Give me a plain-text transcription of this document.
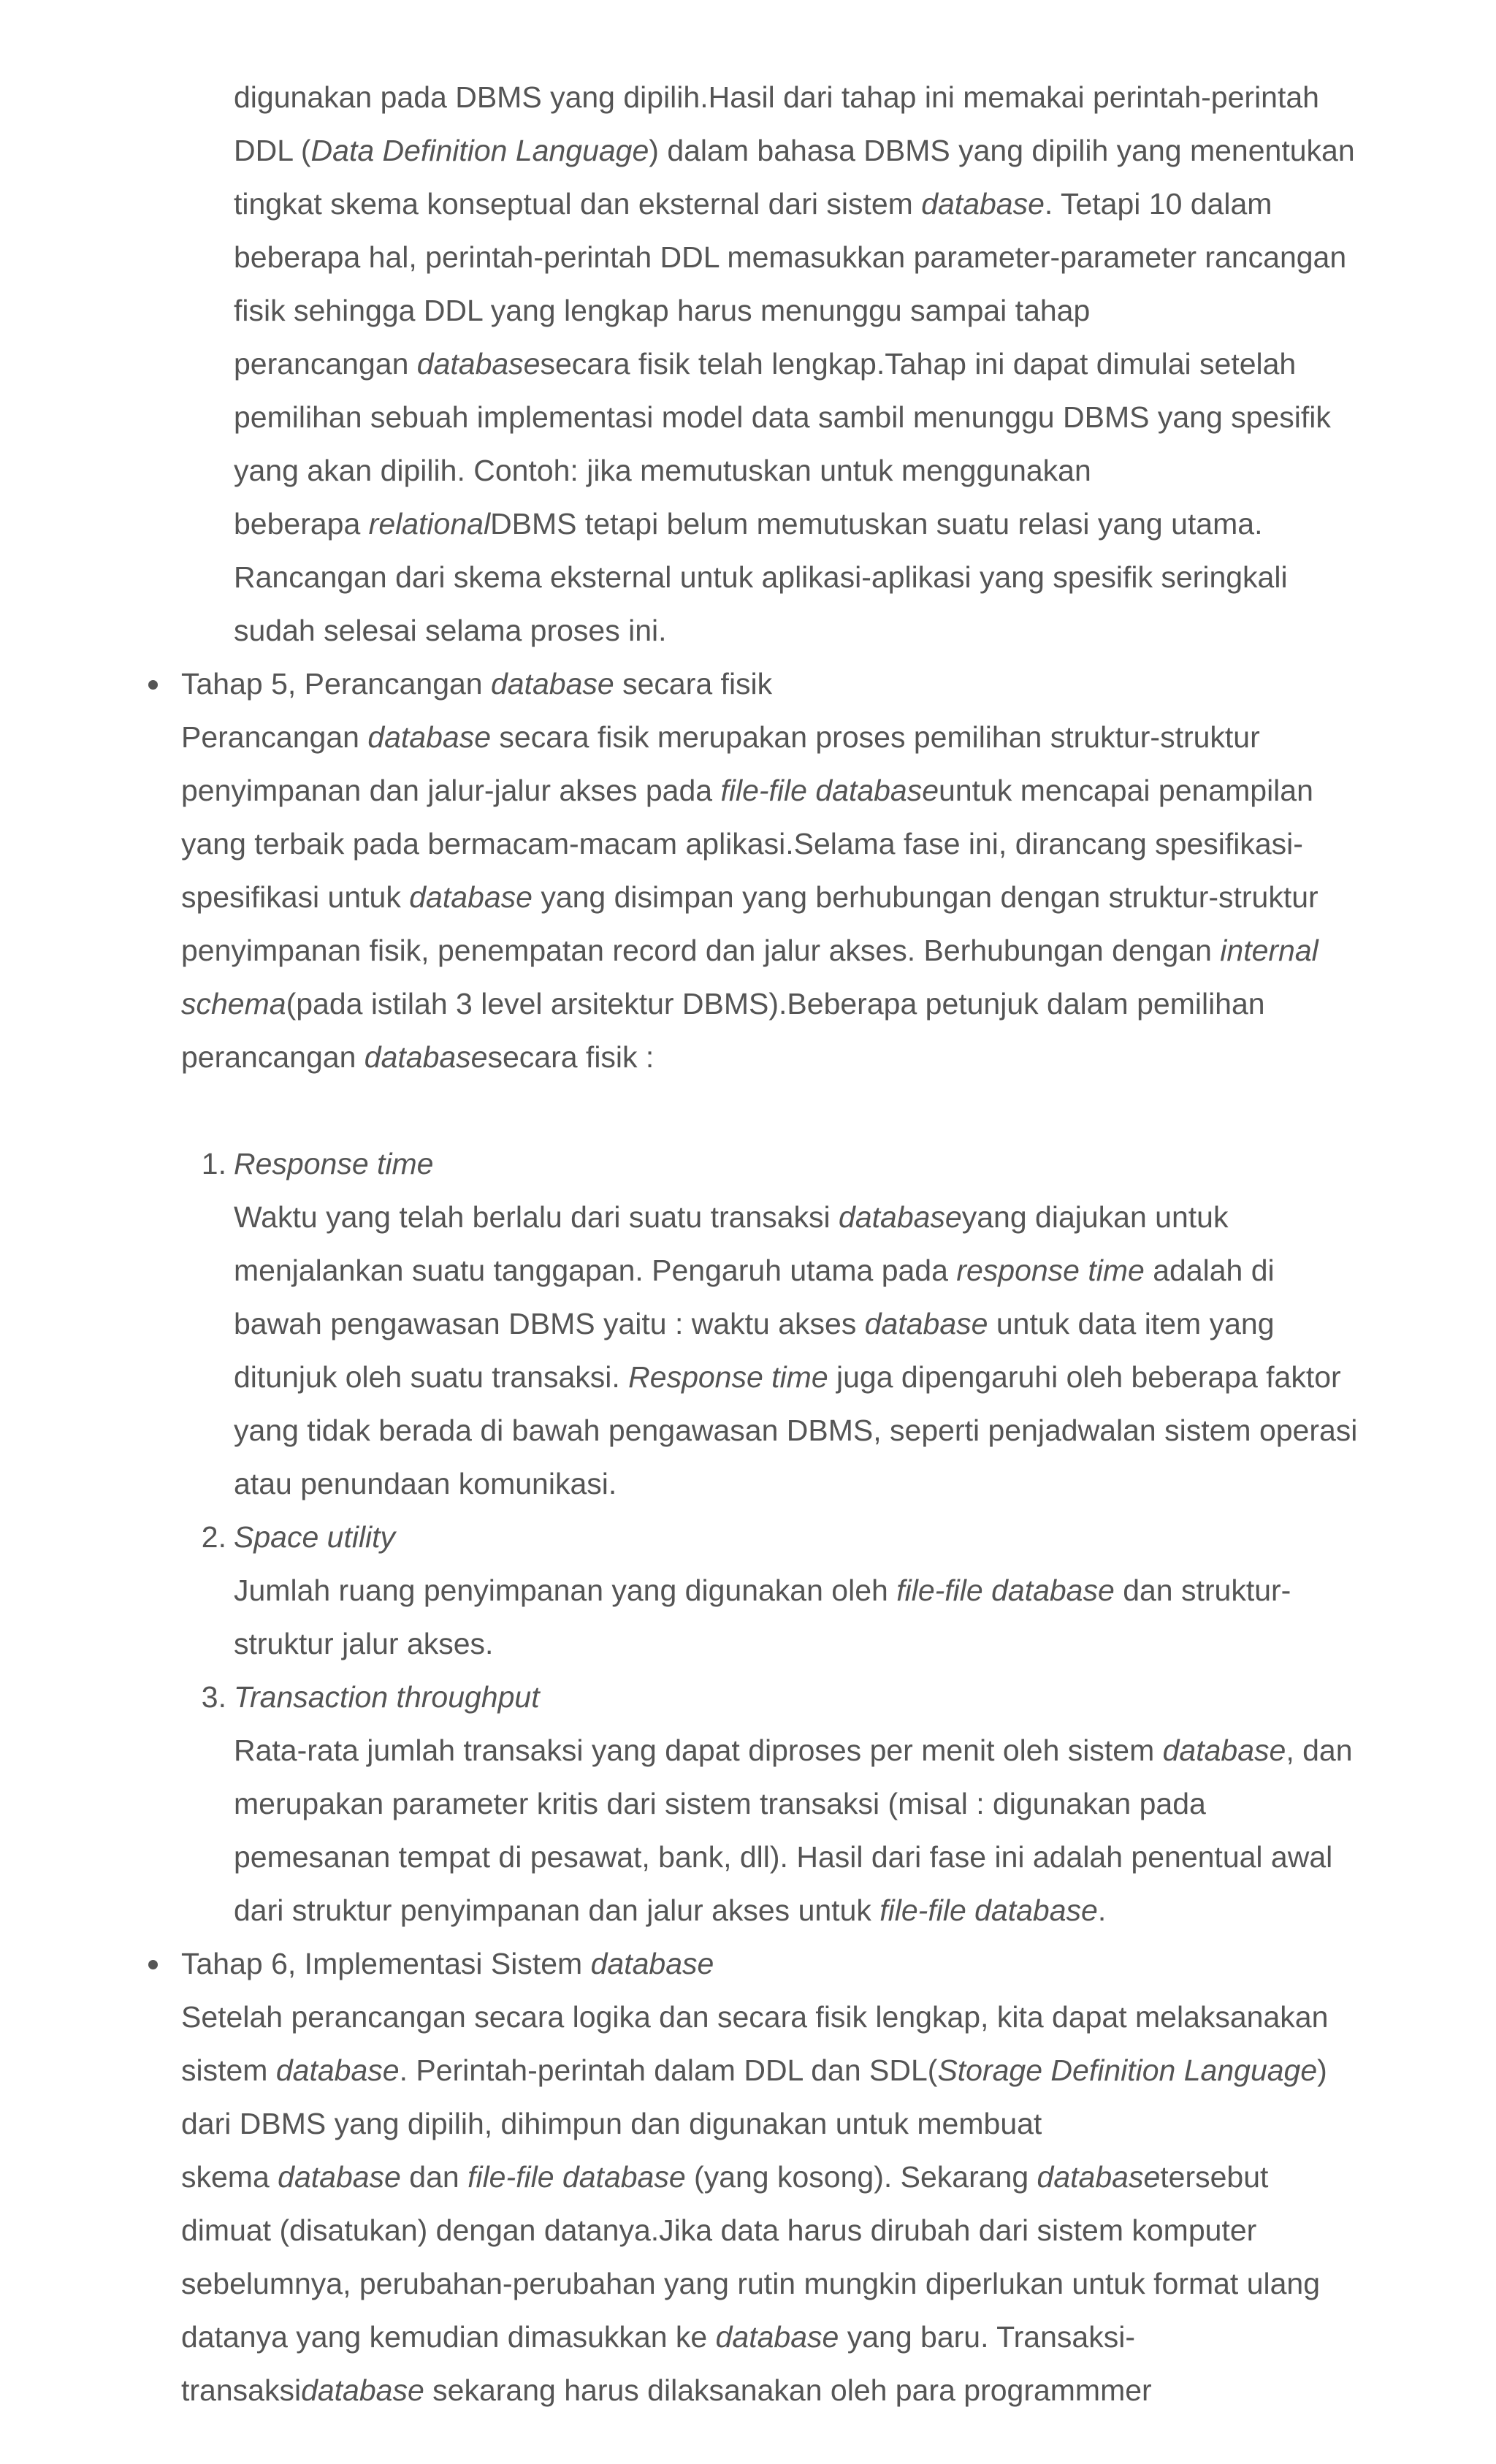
digunakan pada DBMS yang dipilih.Hasil dari tahap ini memakai perintah-perintah

DDL (Data Definition Language) dalam bahasa DBMS yang dipilih yang menentukan

tingkat skema konseptual dan eksternal dari sistem database. Tetapi 10 dalam

beberapa hal, perintah-perintah DDL memasukkan parameter-parameter rancangan

fisik sehingga DDL yang lengkap harus menunggu sampai tahap

perancangan databasesecara fisik telah lengkap.Tahap ini dapat dimulai setelah

pemilihan sebuah implementasi model data sambil menunggu DBMS yang spesifik

yang akan dipilih. Contoh: jika memutuskan untuk menggunakan

beberapa relationalDBMS tetapi belum memutuskan suatu relasi yang utama.

Rancangan dari skema eksternal untuk aplikasi-aplikasi yang spesifik seringkali

sudah selesai selama proses ini.

Tahap 5, Perancangan database secara fisik

Perancangan database secara fisik merupakan proses pemilihan struktur-struktur

penyimpanan dan jalur-jalur akses pada file-file databaseuntuk mencapai penampilan

yang terbaik pada bermacam-macam aplikasi.Selama fase ini, dirancang spesifikasi-

spesifikasi untuk database yang disimpan yang berhubungan dengan struktur-struktur

penyimpanan fisik, penempatan record dan jalur akses. Berhubungan dengan internal

schema(pada istilah 3 level arsitektur DBMS).Beberapa petunjuk dalam pemilihan

perancangan databasesecara fisik :

1. Response time

Waktu yang telah berlalu dari suatu transaksi databaseyang diajukan untuk

menjalankan suatu tanggapan. Pengaruh utama pada response time adalah di

bawah pengawasan DBMS yaitu : waktu akses database untuk data item yang

ditunjuk oleh suatu transaksi. Response time juga dipengaruhi oleh beberapa faktor

yang tidak berada di bawah pengawasan DBMS, seperti penjadwalan sistem operasi

atau penundaan komunikasi.

2. Space utility

Jumlah ruang penyimpanan yang digunakan oleh file-file database dan struktur-

struktur jalur akses.

3. Transaction throughput

Rata-rata jumlah transaksi yang dapat diproses per menit oleh sistem database, dan

merupakan parameter kritis dari sistem transaksi (misal : digunakan pada

pemesanan tempat di pesawat, bank, dll). Hasil dari fase ini adalah penentual awal

dari struktur penyimpanan dan jalur akses untuk file-file database.

Tahap 6, Implementasi Sistem database

Setelah perancangan secara logika dan secara fisik lengkap, kita dapat melaksanakan

sistem database. Perintah-perintah dalam DDL dan SDL(Storage Definition Language)

dari DBMS yang dipilih, dihimpun dan digunakan untuk membuat

skema database dan file-file database (yang kosong). Sekarang databasetersebut

dimuat (disatukan) dengan datanya.Jika data harus dirubah dari sistem komputer

sebelumnya, perubahan-perubahan yang rutin mungkin diperlukan untuk format ulang

datanya yang kemudian dimasukkan ke database yang baru. Transaksi-

transaksidatabase sekarang harus dilaksanakan oleh para programmmer
